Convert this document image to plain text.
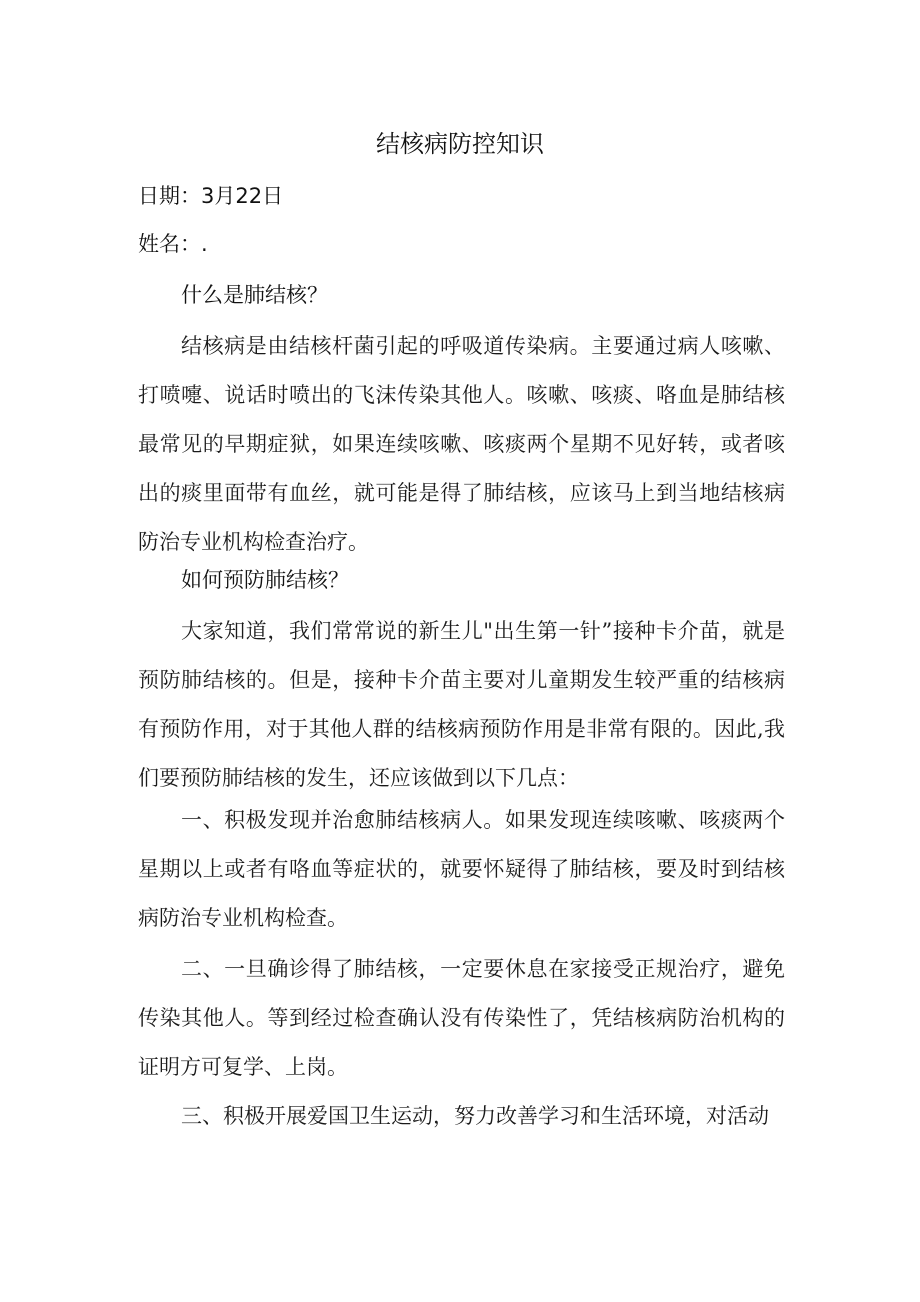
结核病防控知识
日期：3月22日
姓名：.
什么是肺结核？

结核病是由结核杆菌引起的呼吸道传染病。主要通过病人咳嗽、打喷嚏、说话时喷出的飞沫传染其他人。咳嗽、咳痰、咯血是肺结核最常见的早期症狱，如果连续咳嗽、咳痰两个星期不见好转，或者咳出的痰里面带有血丝，就可能是得了肺结核，应该马上到当地结核病防治专业机构检查治疗。

如何预防肺结核？

大家知道，我们常常说的新生儿"出生第一针”接种卡介苗，就是预防肺结核的。但是，接种卡介苗主要对儿童期发生较严重的结核病有预防作用，对于其他人群的结核病预防作用是非常有限的。因此,我们要预防肺结核的发生，还应该做到以下几点：

一、积极发现并治愈肺结核病人。如果发现连续咳嗽、咳痰两个星期以上或者有咯血等症状的，就要怀疑得了肺结核，要及时到结核病防治专业机构检查。

二、一旦确诊得了肺结核，一定要休息在家接受正规治疗，避免传染其他人。等到经过检查确认没有传染性了，凭结核病防治机构的证明方可复学、上岗。

三、积极开展爱国卫生运动，努力改善学习和生活环境，对活动
